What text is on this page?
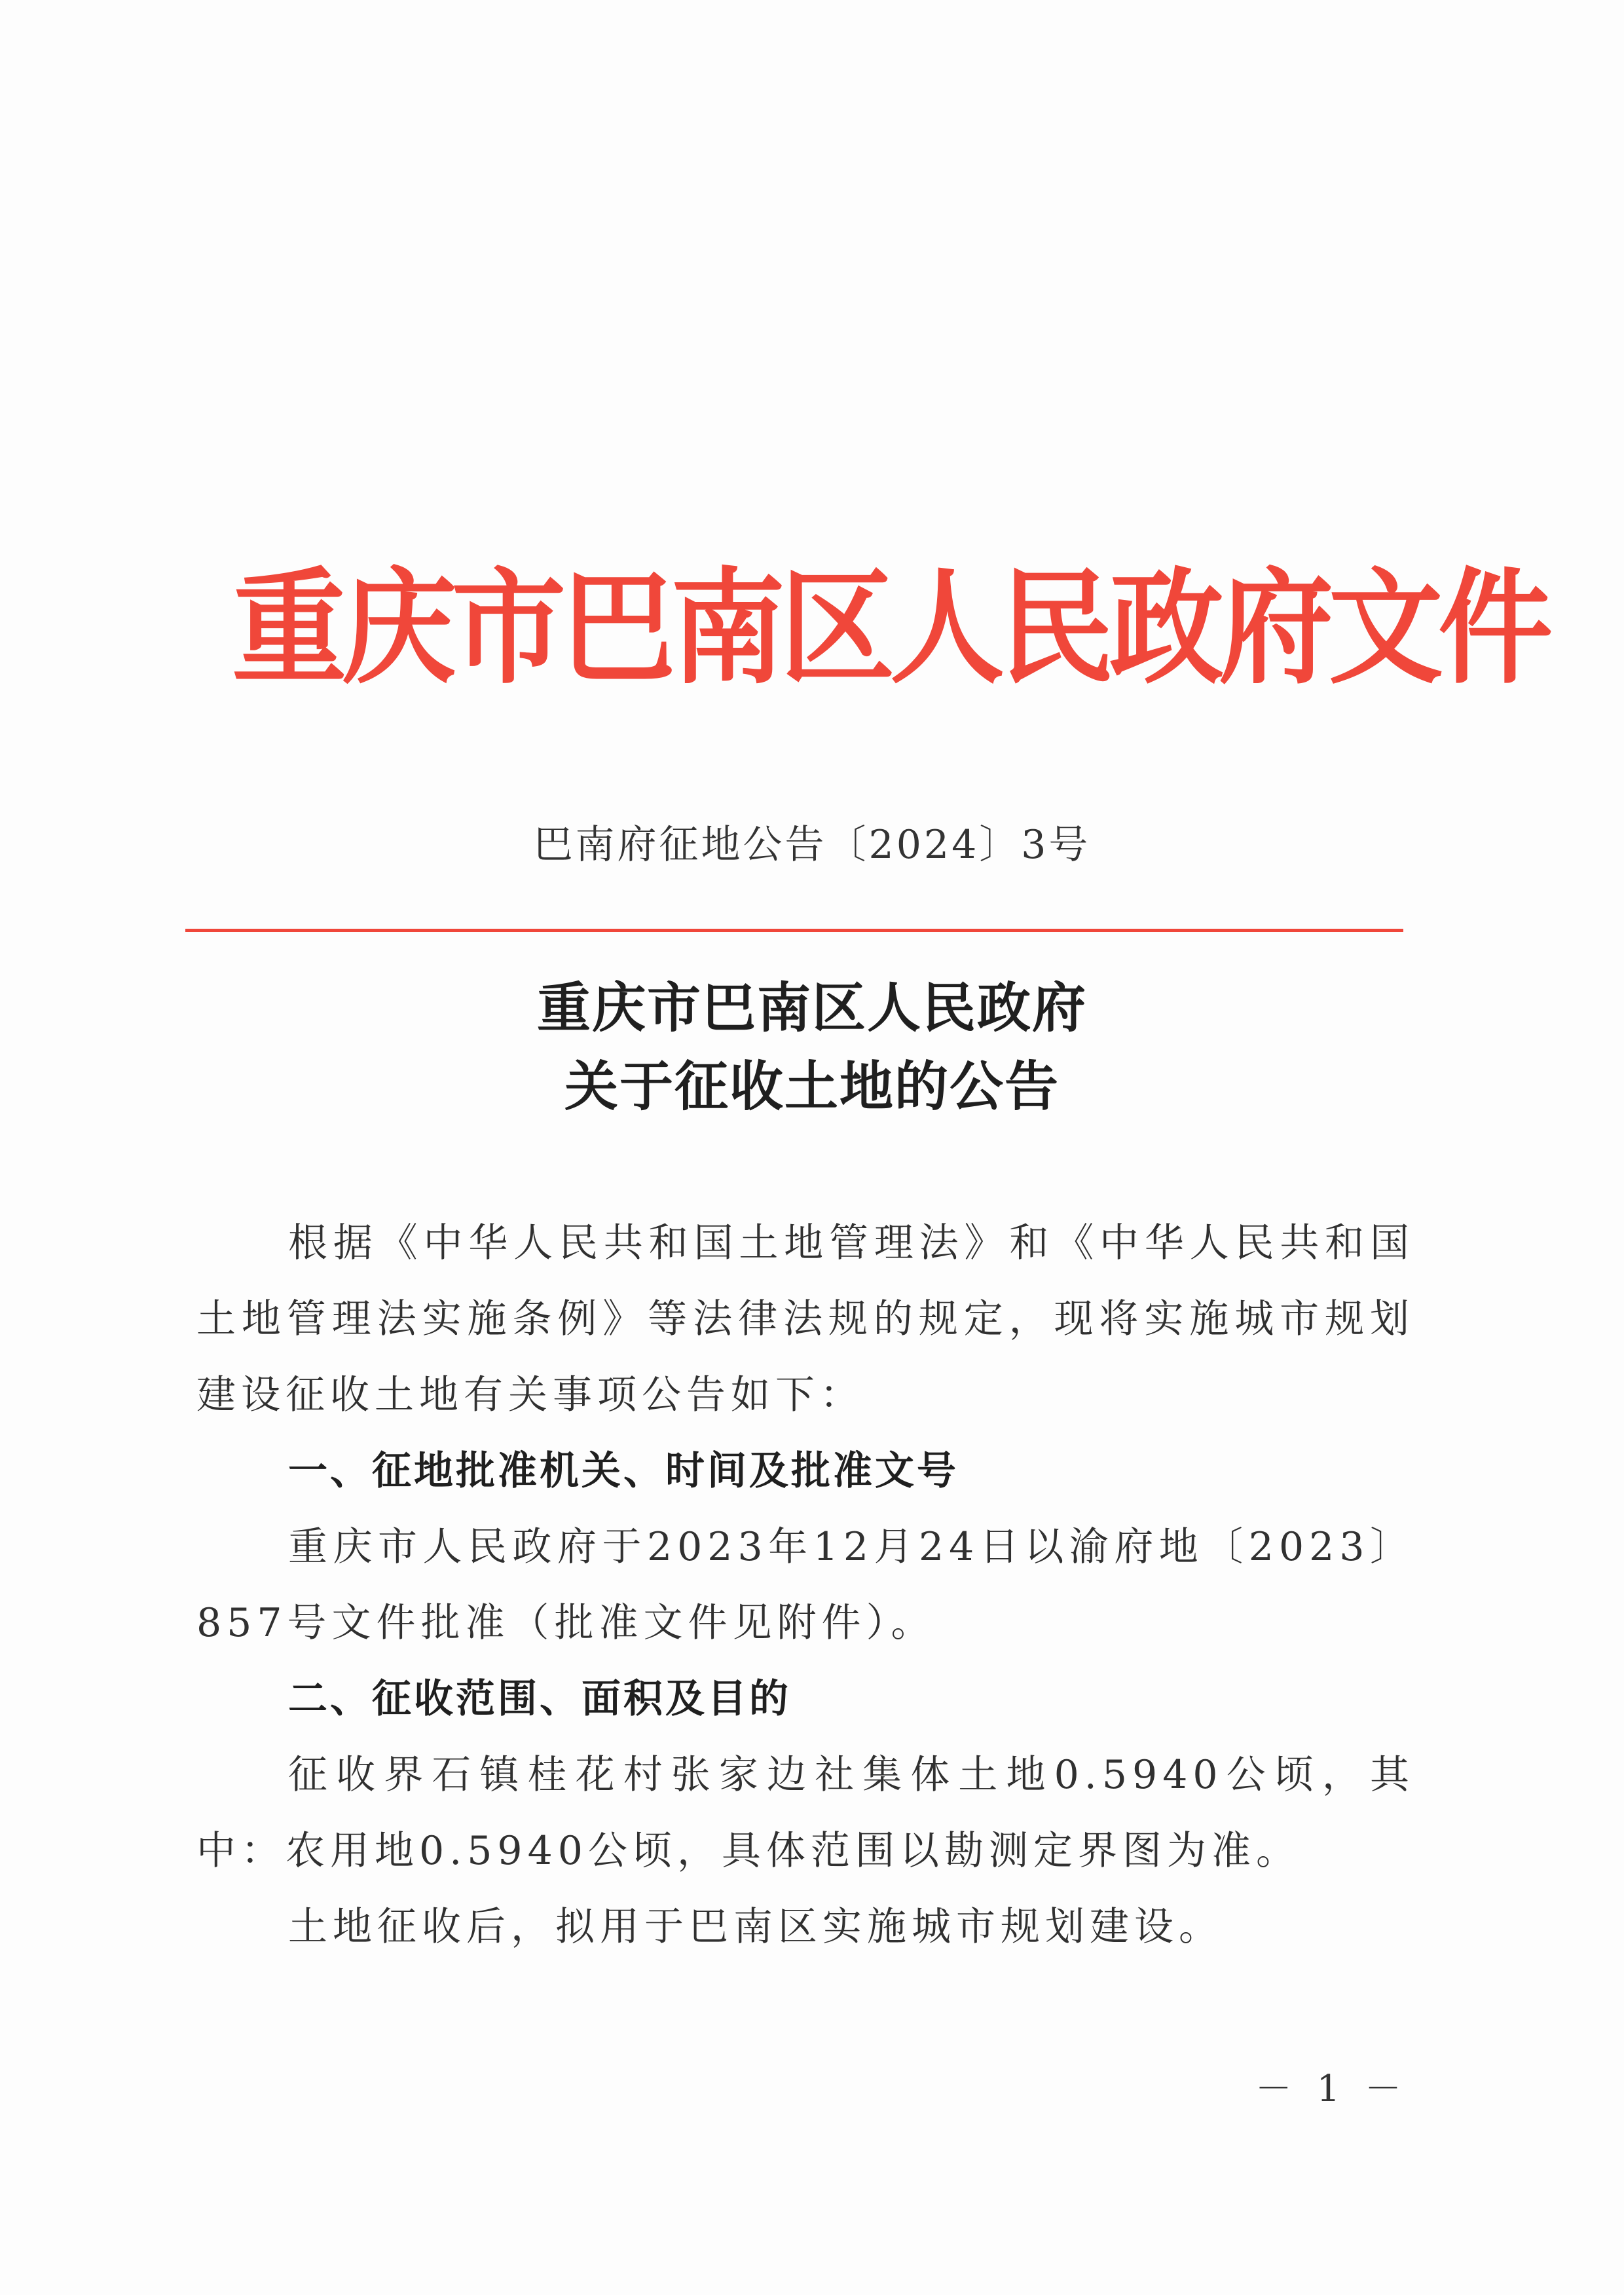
重庆市巴南区人民政府文件
巴南府征地公告〔2024〕3号
重庆市巴南区人民政府
关于征收土地的公告

根据《中华人民共和国土地管理法》和《中华人民共和国土地管理法实施条例》等法律法规的规定，现将实施城市规划建设征收土地有关事项公告如下：

一、征地批准机关、时间及批准文号

重庆市人民政府于2023年12月24日以渝府地〔2023〕857号文件批准（批准文件见附件）。

二、征收范围、面积及目的

征收界石镇桂花村张家边社集体土地0.5940公顷，其中：农用地0.5940公顷，具体范围以勘测定界图为准。

土地征收后，拟用于巴南区实施城市规划建设。

－ 1 －
